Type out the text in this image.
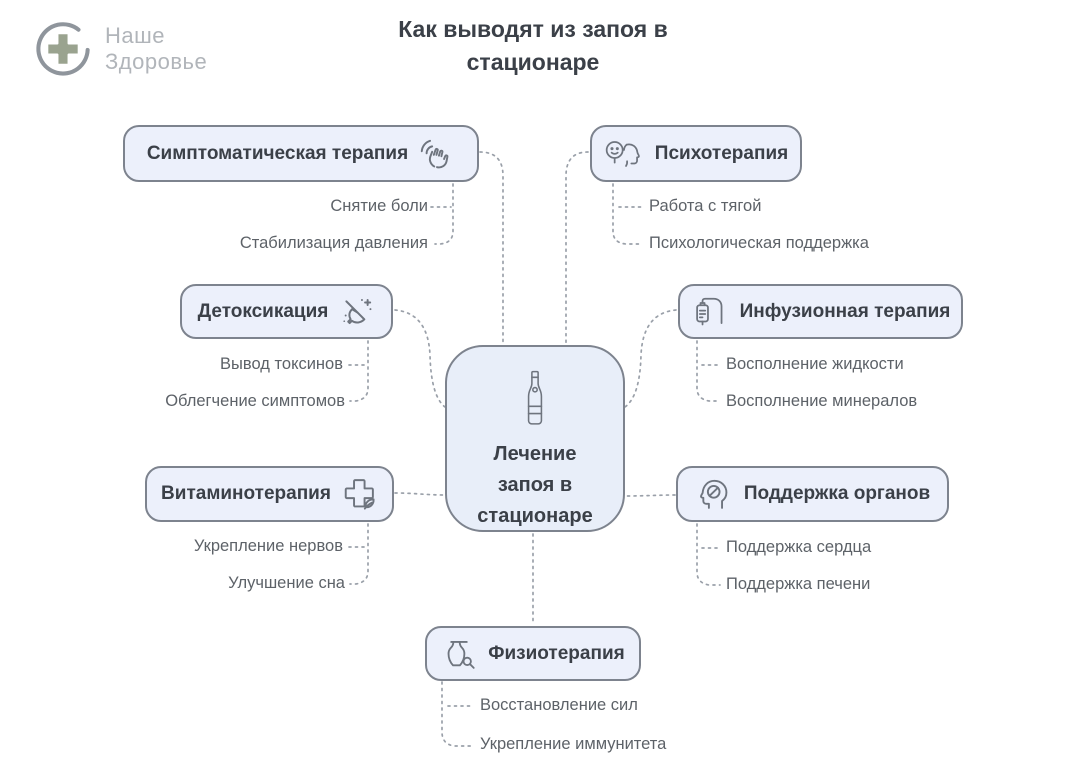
Наше
Здоровье
Как выводят из запоя в стационаре
Симптоматическая терапия	Психотерапия
Детоксикация	Инфузионная терапия
Витаминотерапия	Поддержка органов
Физиотерапия
Лечение запоя в стационаре
Снятие боли
Стабилизация давления
Работа с тягой
Психологическая поддержка
Вывод токсинов
Облегчение симптомов
Восполнение жидкости
Восполнение минералов
Укрепление нервов
Улучшение сна
Поддержка сердца
Поддержка печени
Восстановление сил
Укрепление иммунитета
